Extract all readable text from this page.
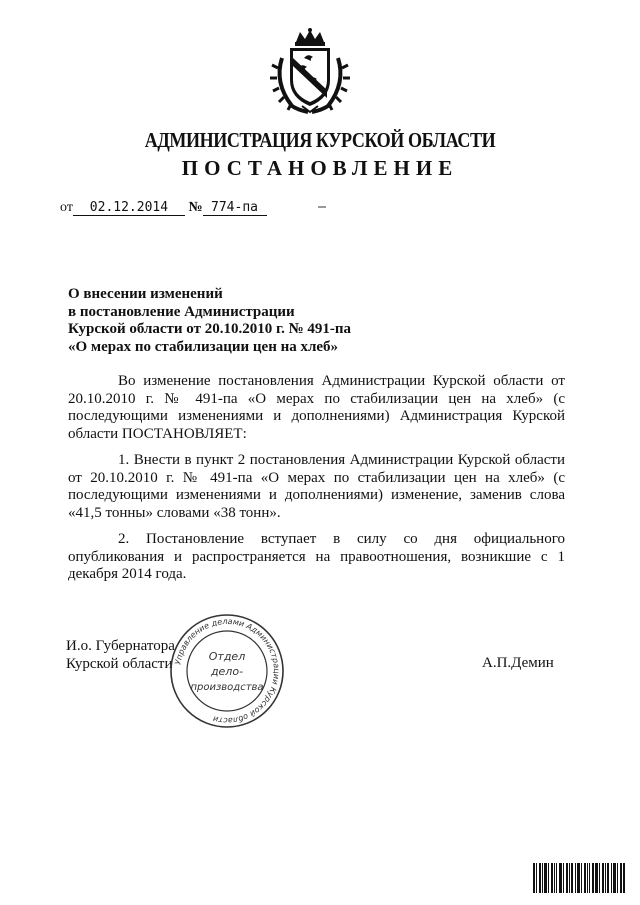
АДМИНИСТРАЦИЯ КУРСКОЙ ОБЛАСТИ
ПОСТАНОВЛЕНИЕ
от 02.12.2014 № 774-па
О внесении изменений
в постановление Администрации
Курской области от 20.10.2010 г. № 491-па
«О мерах по стабилизации цен на хлеб»
Во изменение постановления Администрации Курской области от 20.10.2010 г. № 491-па «О мерах по стабилизации цен на хлеб» (с последующими изменениями и дополнениями) Администрация Курской области ПОСТАНОВЛЯЕТ:
1. Внести в пункт 2 постановления Администрации Курской области от 20.10.2010 г. № 491-па «О мерах по стабилизации цен на хлеб» (с последующими изменениями и дополнениями) изменение, заменив слова «41,5 тонны» словами «38 тонн».
2. Постановление вступает в силу со дня официального опубликования и распространяется на правоотношения, возникшие с 1 декабря 2014 года.
И.о. Губернатора
Курской области	А.П.Демин
Управление делами Администрации Курской области
Отдел
дело-
производства
